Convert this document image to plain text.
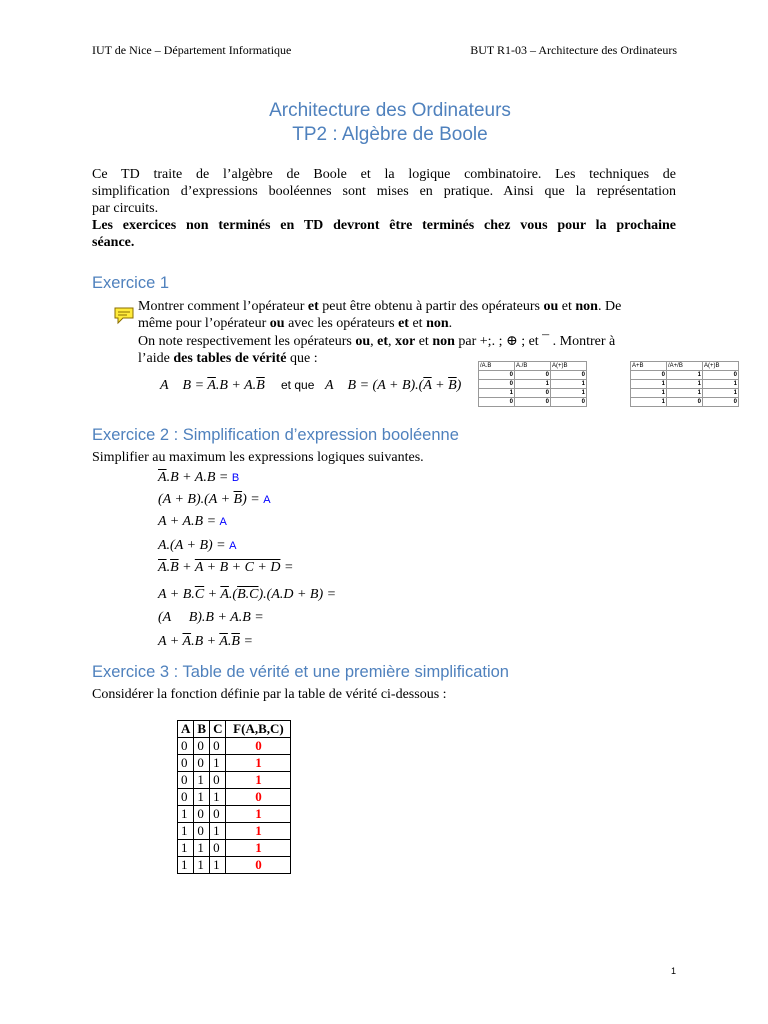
IUT de Nice – Département Informatique	BUT R1-03 – Architecture des Ordinateurs
Architecture des Ordinateurs
TP2 : Algèbre de Boole
Ce TD traite de l’algèbre de Boole et la logique combinatoire. Les techniques de
simplification d’expressions booléennes sont mises en pratique. Ainsi que la représentation
par circuits.
Les exercices non terminés en TD devront être terminés chez vous pour la prochaine
séance.
Exercice 1
Montrer comment l’opérateur et peut être obtenu à partir des opérateurs ou et non. De
même pour l’opérateur ou avec les opérateurs et et non.
On note respectivement les opérateurs ou, et, xor et non par +;. ; ⊕ ; et ¯ . Montrer à
l’aide des tables de vérité que :
A    $B = \overline{A}.B + A.\overline{B}$ et que A    $B = (A + B).(\overline{A} + \overline{B})$
/A.B	A./B	A(+)B
0	0	0
0	1	1
1	0	1
0	0	0
A+B	/A+/B	A(+)B
0	1	0
1	1	1
1	1	1
1	0	0
Exercice 2 : Simplification d’expression booléenne
Simplifier au maximum les expressions logiques suivantes.
$\overline{A}.B + A.B = B$
$(A + B).(A + \overline{B}) = A$
A + A.B = A
A.(A + B) = A
$\overline{A}.\overline{B} + A + B + C + D$ =
$A + B.\overline{C} + \overline{A}.(B.C).(A.D + B)$ =
(A     B).B + A.B =
$A + \overline{A}.B + \overline{A}.\overline{B}$ =
Exercice 3 : Table de vérité et une première simplification
Considérer la fonction définie par la table de vérité ci-dessous :
A	B	C	F(A,B,C)
0	0	0	0
0	0	1	1
0	1	0	1
0	1	1	0
1	0	0	1
1	0	1	1
1	1	0	1
1	1	1	0
1
